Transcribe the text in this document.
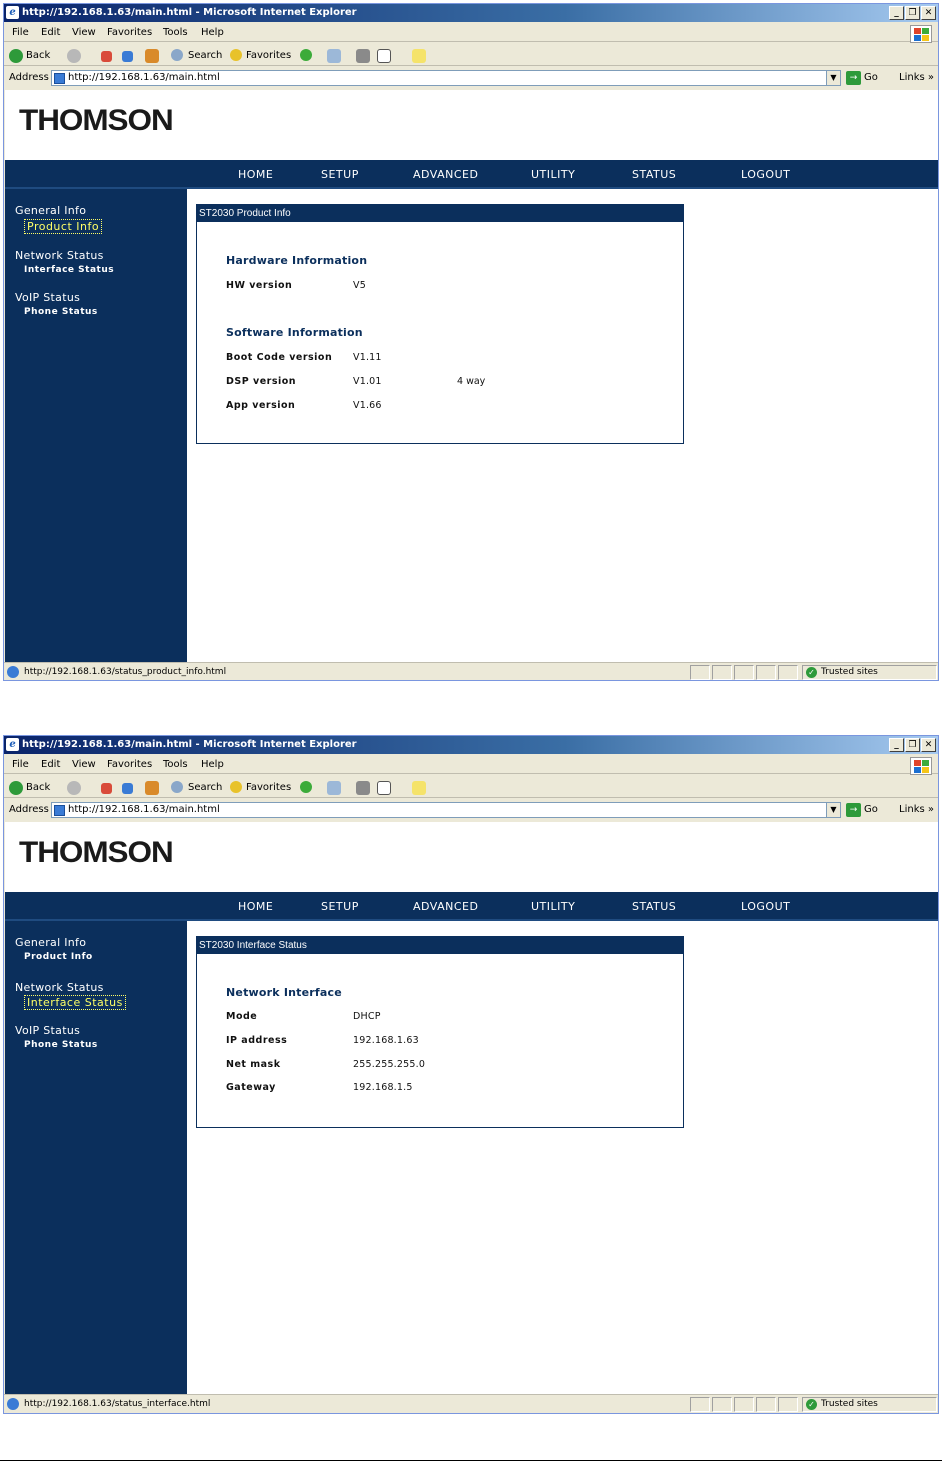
e http://192.168.1.63/main.html - Microsoft Internet Explorer	_	❐ ✕
File Edit View Favorites Tools Help
Back	Search Favorites
Address	http://192.168.1.63/main.html	▼	→ Go Links »
THOMSON
HOME	SETUP	ADVANCED	UTILITY	STATUS	LOGOUT
General Info
Product Info
Network Status
Interface Status
VoIP Status
Phone Status
ST2030 Product Info
Hardware Information
HW version	V5
Software Information
Boot Code version V1.11
DSP version	V1.01	4 way
App version	V1.66
http://192.168.1.63/status_product_info.html	✓ Trusted sites
e http://192.168.1.63/main.html - Microsoft Internet Explorer	_	❐ ✕
File Edit View Favorites Tools Help
Back	Search Favorites
Address	http://192.168.1.63/main.html	▼	→ Go Links »
THOMSON
HOME	SETUP	ADVANCED	UTILITY	STATUS	LOGOUT
General Info
Product Info
Network Status
Interface Status
VoIP Status
Phone Status
ST2030 Interface Status
Network Interface
Mode	DHCP
IP address	192.168.1.63
Net mask	255.255.255.0
Gateway	192.168.1.5
http://192.168.1.63/status_interface.html	✓ Trusted sites
